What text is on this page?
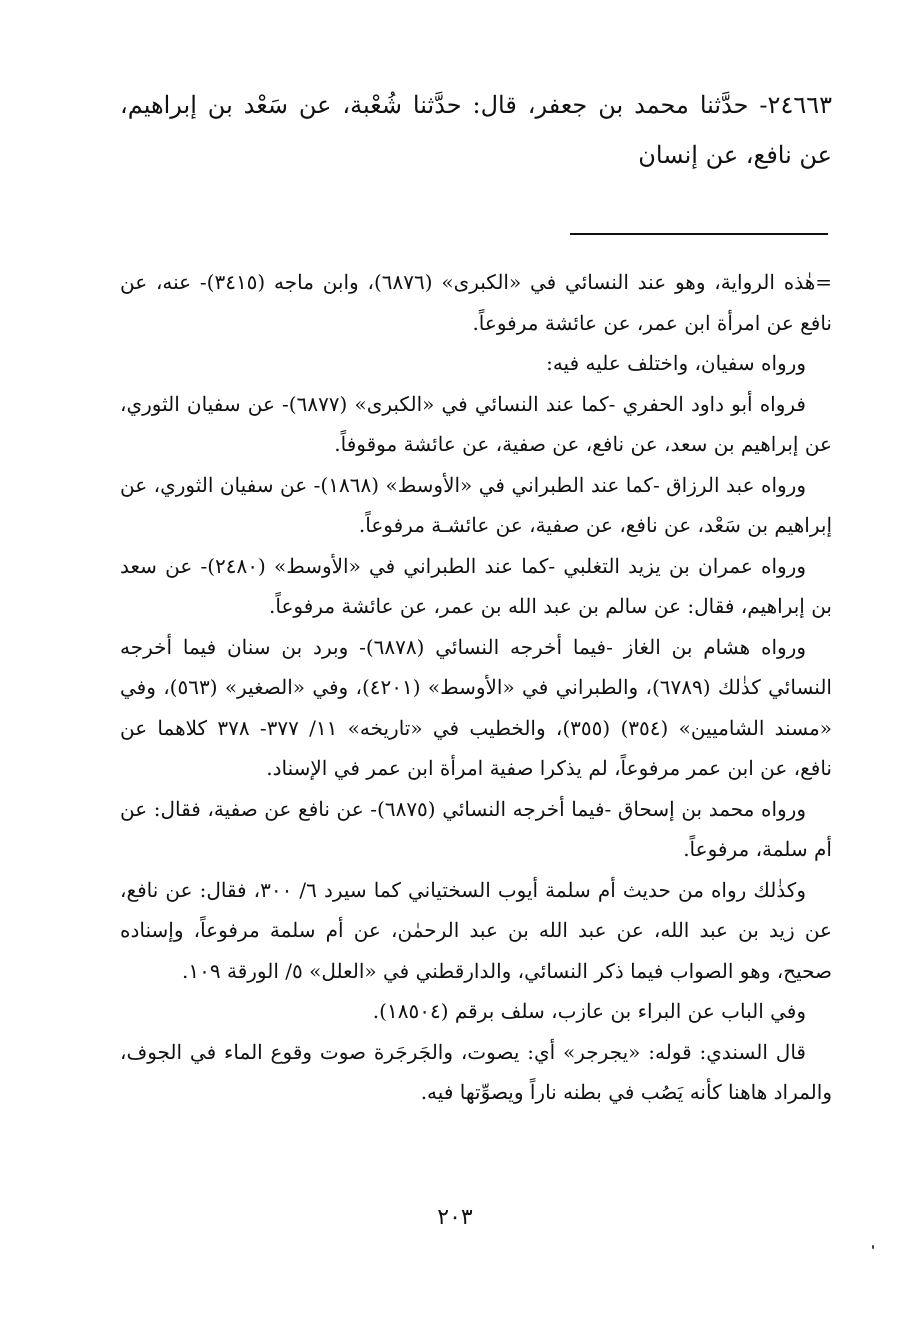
٢٤٦٦٣- حدَّثنا محمد بن جعفر، قال: حدَّثنا شُعْبة، عن سَعْد بن إبراهيم، عن نافع، عن إنسان

=هٰذه الرواية، وهو عند النسائي في «الكبرى» (٦٨٧٦)، وابن ماجه (٣٤١٥)- عنه، عن نافع عن امرأة ابن عمر، عن عائشة مرفوعاً.

ورواه سفيان، واختلف عليه فيه:

فرواه أبو داود الحفري -كما عند النسائي في «الكبرى» (٦٨٧٧)- عن سفيان الثوري، عن إبراهيم بن سعد، عن نافع، عن صفية، عن عائشة موقوفاً.

ورواه عبد الرزاق -كما عند الطبراني في «الأوسط» (١٨٦٨)- عن سفيان الثوري، عن إبراهيم بن سَعْد، عن نافع، عن صفية، عن عائشـة مرفوعاً.

ورواه عمران بن يزيد التغلبي -كما عند الطبراني في «الأوسط» (٢٤٨٠)- عن سعد بن إبراهيم، فقال: عن سالم بن عبد الله بن عمر، عن عائشة مرفوعاً.

ورواه هشام بن الغاز -فيما أخرجه النسائي (٦٨٧٨)- وبرد بن سنان فيما أخرجه النسائي كذٰلك (٦٧٨٩)، والطبراني في «الأوسط» (٤٢٠١)، وفي «الصغير» (٥٦٣)، وفي «مسند الشاميين» (٣٥٤) (٣٥٥)، والخطيب في «تاريخه» ١١/ ٣٧٧- ٣٧٨ كلاهما عن نافع، عن ابن عمر مرفوعاً، لم يذكرا صفية امرأة ابن عمر في الإسناد.

ورواه محمد بن إسحاق -فيما أخرجه النسائي (٦٨٧٥)- عن نافع عن صفية، فقال: عن أم سلمة، مرفوعاً.

وكذٰلك رواه من حديث أم سلمة أيوب السختياني كما سيرد ٦/ ٣٠٠، فقال: عن نافع، عن زيد بن عبد الله، عن عبد الله بن عبد الرحمٰن، عن أم سلمة مرفوعاً، وإسناده صحيح، وهو الصواب فيما ذكر النسائي، والدارقطني في «العلل» ٥/ الورقة ١٠٩.

وفي الباب عن البراء بن عازب، سلف برقم (١٨٥٠٤).

قال السندي: قوله: «يجرجر» أي: يصوت، والجَرجَرة صوت وقوع الماء في الجوف، والمراد هاهنا كأنه يَصُب في بطنه ناراً ويصوِّتها فيه.

٢٠٣
